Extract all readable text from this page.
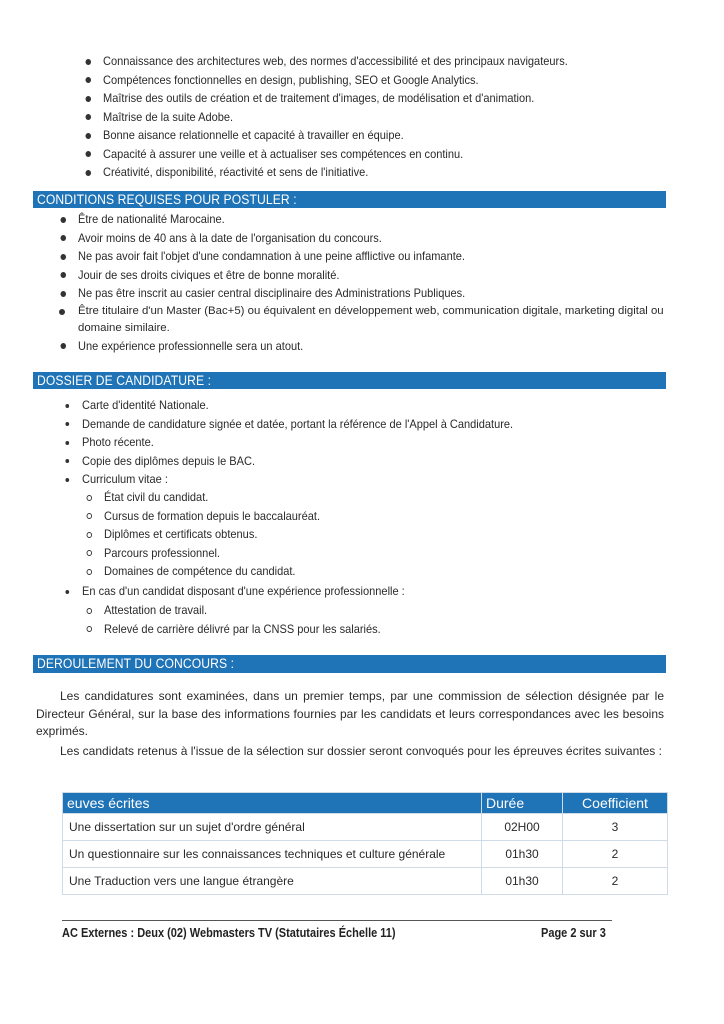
Connaissance des architectures web, des normes d'accessibilité et des principaux navigateurs.
Compétences fonctionnelles en design, publishing, SEO et Google Analytics.
Maîtrise des outils de création et de traitement d'images, de modélisation et d'animation.
Maîtrise de la suite Adobe.
Bonne aisance relationnelle et capacité à travailler en équipe.
Capacité à assurer une veille et à actualiser ses compétences en continu.
Créativité, disponibilité, réactivité et sens de l'initiative.
CONDITIONS REQUISES POUR POSTULER :
Être de nationalité Marocaine.
Avoir moins de 40 ans à la date de l'organisation du concours.
Ne pas avoir fait l'objet d'une condamnation à une peine afflictive ou infamante.
Jouir de ses droits civiques et être de bonne moralité.
Ne pas être inscrit au casier central disciplinaire des Administrations Publiques.
Être titulaire d'un Master (Bac+5) ou équivalent en développement web, communication digitale, marketing digital ou domaine similaire.
Une expérience professionnelle sera un atout.
DOSSIER DE CANDIDATURE :
Carte d'identité Nationale.
Demande de candidature signée et datée, portant la référence de l'Appel à Candidature.
Photo récente.
Copie des diplômes depuis le BAC.
Curriculum vitae :
État civil du candidat.
Cursus de formation depuis le baccalauréat.
Diplômes et certificats obtenus.
Parcours professionnel.
Domaines de compétence du candidat.
En cas d'un candidat disposant d'une expérience professionnelle :
Attestation de travail.
Relevé de carrière délivré par la CNSS pour les salariés.
DEROULEMENT DU CONCOURS :

Les candidatures sont examinées, dans un premier temps, par une commission de sélection désignée par le Directeur Général, sur la base des informations fournies par les candidats et leurs correspondances avec les besoins exprimés.

Les candidats retenus à l'issue de la sélection sur dossier seront convoqués pour les épreuves écrites suivantes :

euves écrites	Durée	Coefficient
Une dissertation sur un sujet d'ordre général	02H00	3
Un questionnaire sur les connaissances techniques et culture générale	01h30	2
Une Traduction vers une langue étrangère	01h30	2
AC Externes : Deux (02) Webmasters TV (Statutaires Échelle 11)	Page 2 sur 3
